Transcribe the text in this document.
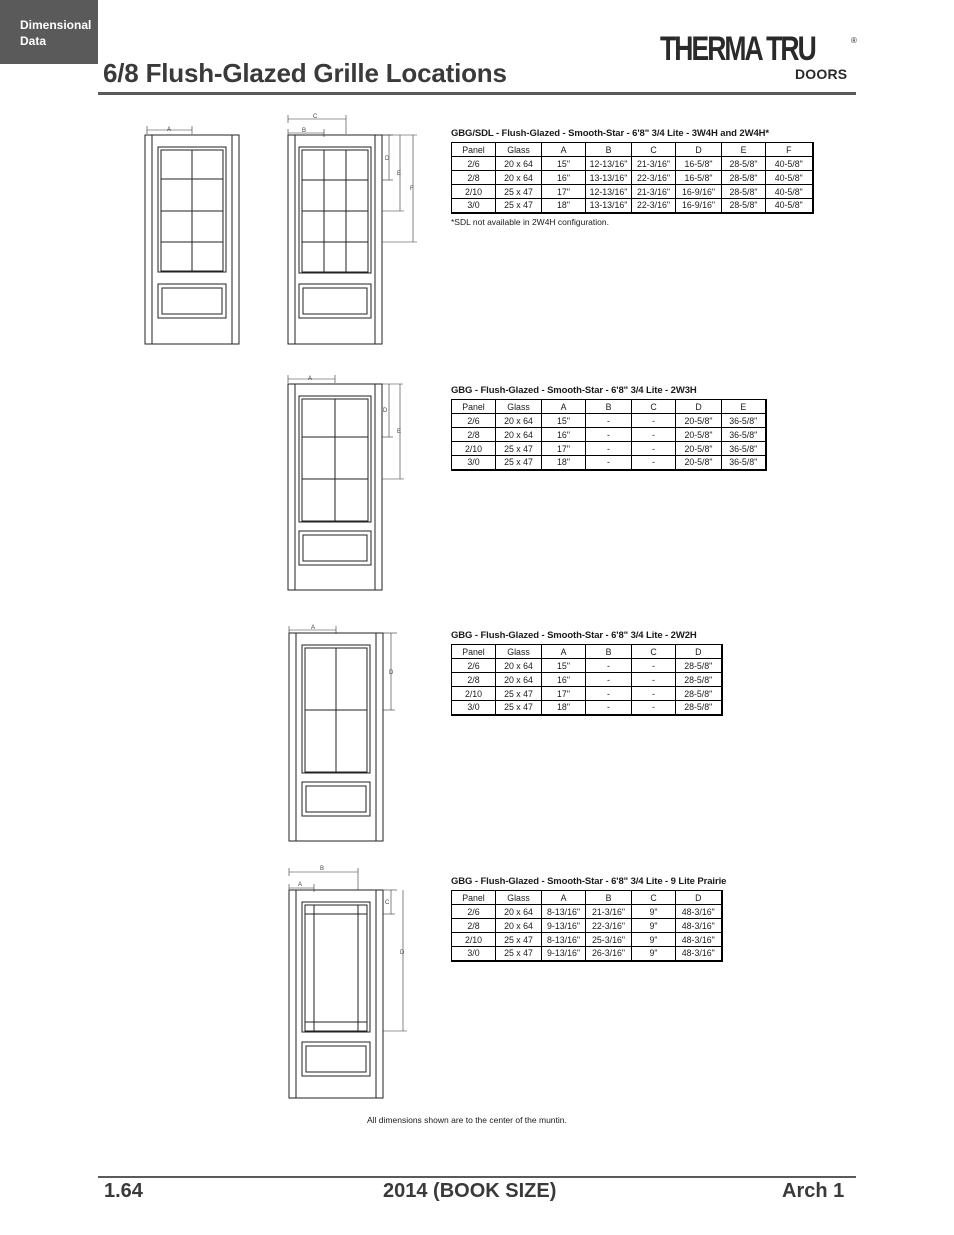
Dimensional
Data
6/8 Flush-Glazed Grille Locations
THERMA TRU	®
DOORS
A
C
B
D
E
F
A
D
E
A
D
B
A
C
D
GBG/SDL - Flush-Glazed - Smooth-Star - 6'8" 3/4 Lite - 3W4H and 2W4H*
Panel	Glass	A	B	C	D	E	F
2/6	20 x 64	15"	12-13/16"	21-3/16"	16-5/8"	28-5/8"	40-5/8"
2/8	20 x 64	16"	13-13/16"	22-3/16"	16-5/8"	28-5/8"	40-5/8"
2/10	25 x 47	17"	12-13/16"	21-3/16"	16-9/16"	28-5/8"	40-5/8"
3/0	25 x 47	18"	13-13/16"	22-3/16"	16-9/16"	28-5/8"	40-5/8"
*SDL not available in 2W4H configuration.
GBG - Flush-Glazed - Smooth-Star - 6'8" 3/4 Lite - 2W3H
Panel	Glass	A	B	C	D	E
2/6	20 x 64	15"	-	-	20-5/8"	36-5/8"
2/8	20 x 64	16"	-	-	20-5/8"	36-5/8"
2/10	25 x 47	17"	-	-	20-5/8"	36-5/8"
3/0	25 x 47	18"	-	-	20-5/8"	36-5/8"
GBG - Flush-Glazed - Smooth-Star - 6'8" 3/4 Lite - 2W2H
Panel	Glass	A	B	C	D
2/6	20 x 64	15"	-	-	28-5/8"
2/8	20 x 64	16"	-	-	28-5/8"
2/10	25 x 47	17"	-	-	28-5/8"
3/0	25 x 47	18"	-	-	28-5/8"
GBG - Flush-Glazed - Smooth-Star - 6'8" 3/4 Lite - 9 Lite Prairie
Panel	Glass	A	B	C	D
2/6	20 x 64	8-13/16"	21-3/16"	9"	48-3/16"
2/8	20 x 64	9-13/16"	22-3/16"	9"	48-3/16"
2/10	25 x 47	8-13/16"	25-3/16"	9"	48-3/16"
3/0	25 x 47	9-13/16"	26-3/16"	9"	48-3/16"
All dimensions shown are to the center of the muntin.
1.64	2014 (BOOK SIZE)	Arch 1
